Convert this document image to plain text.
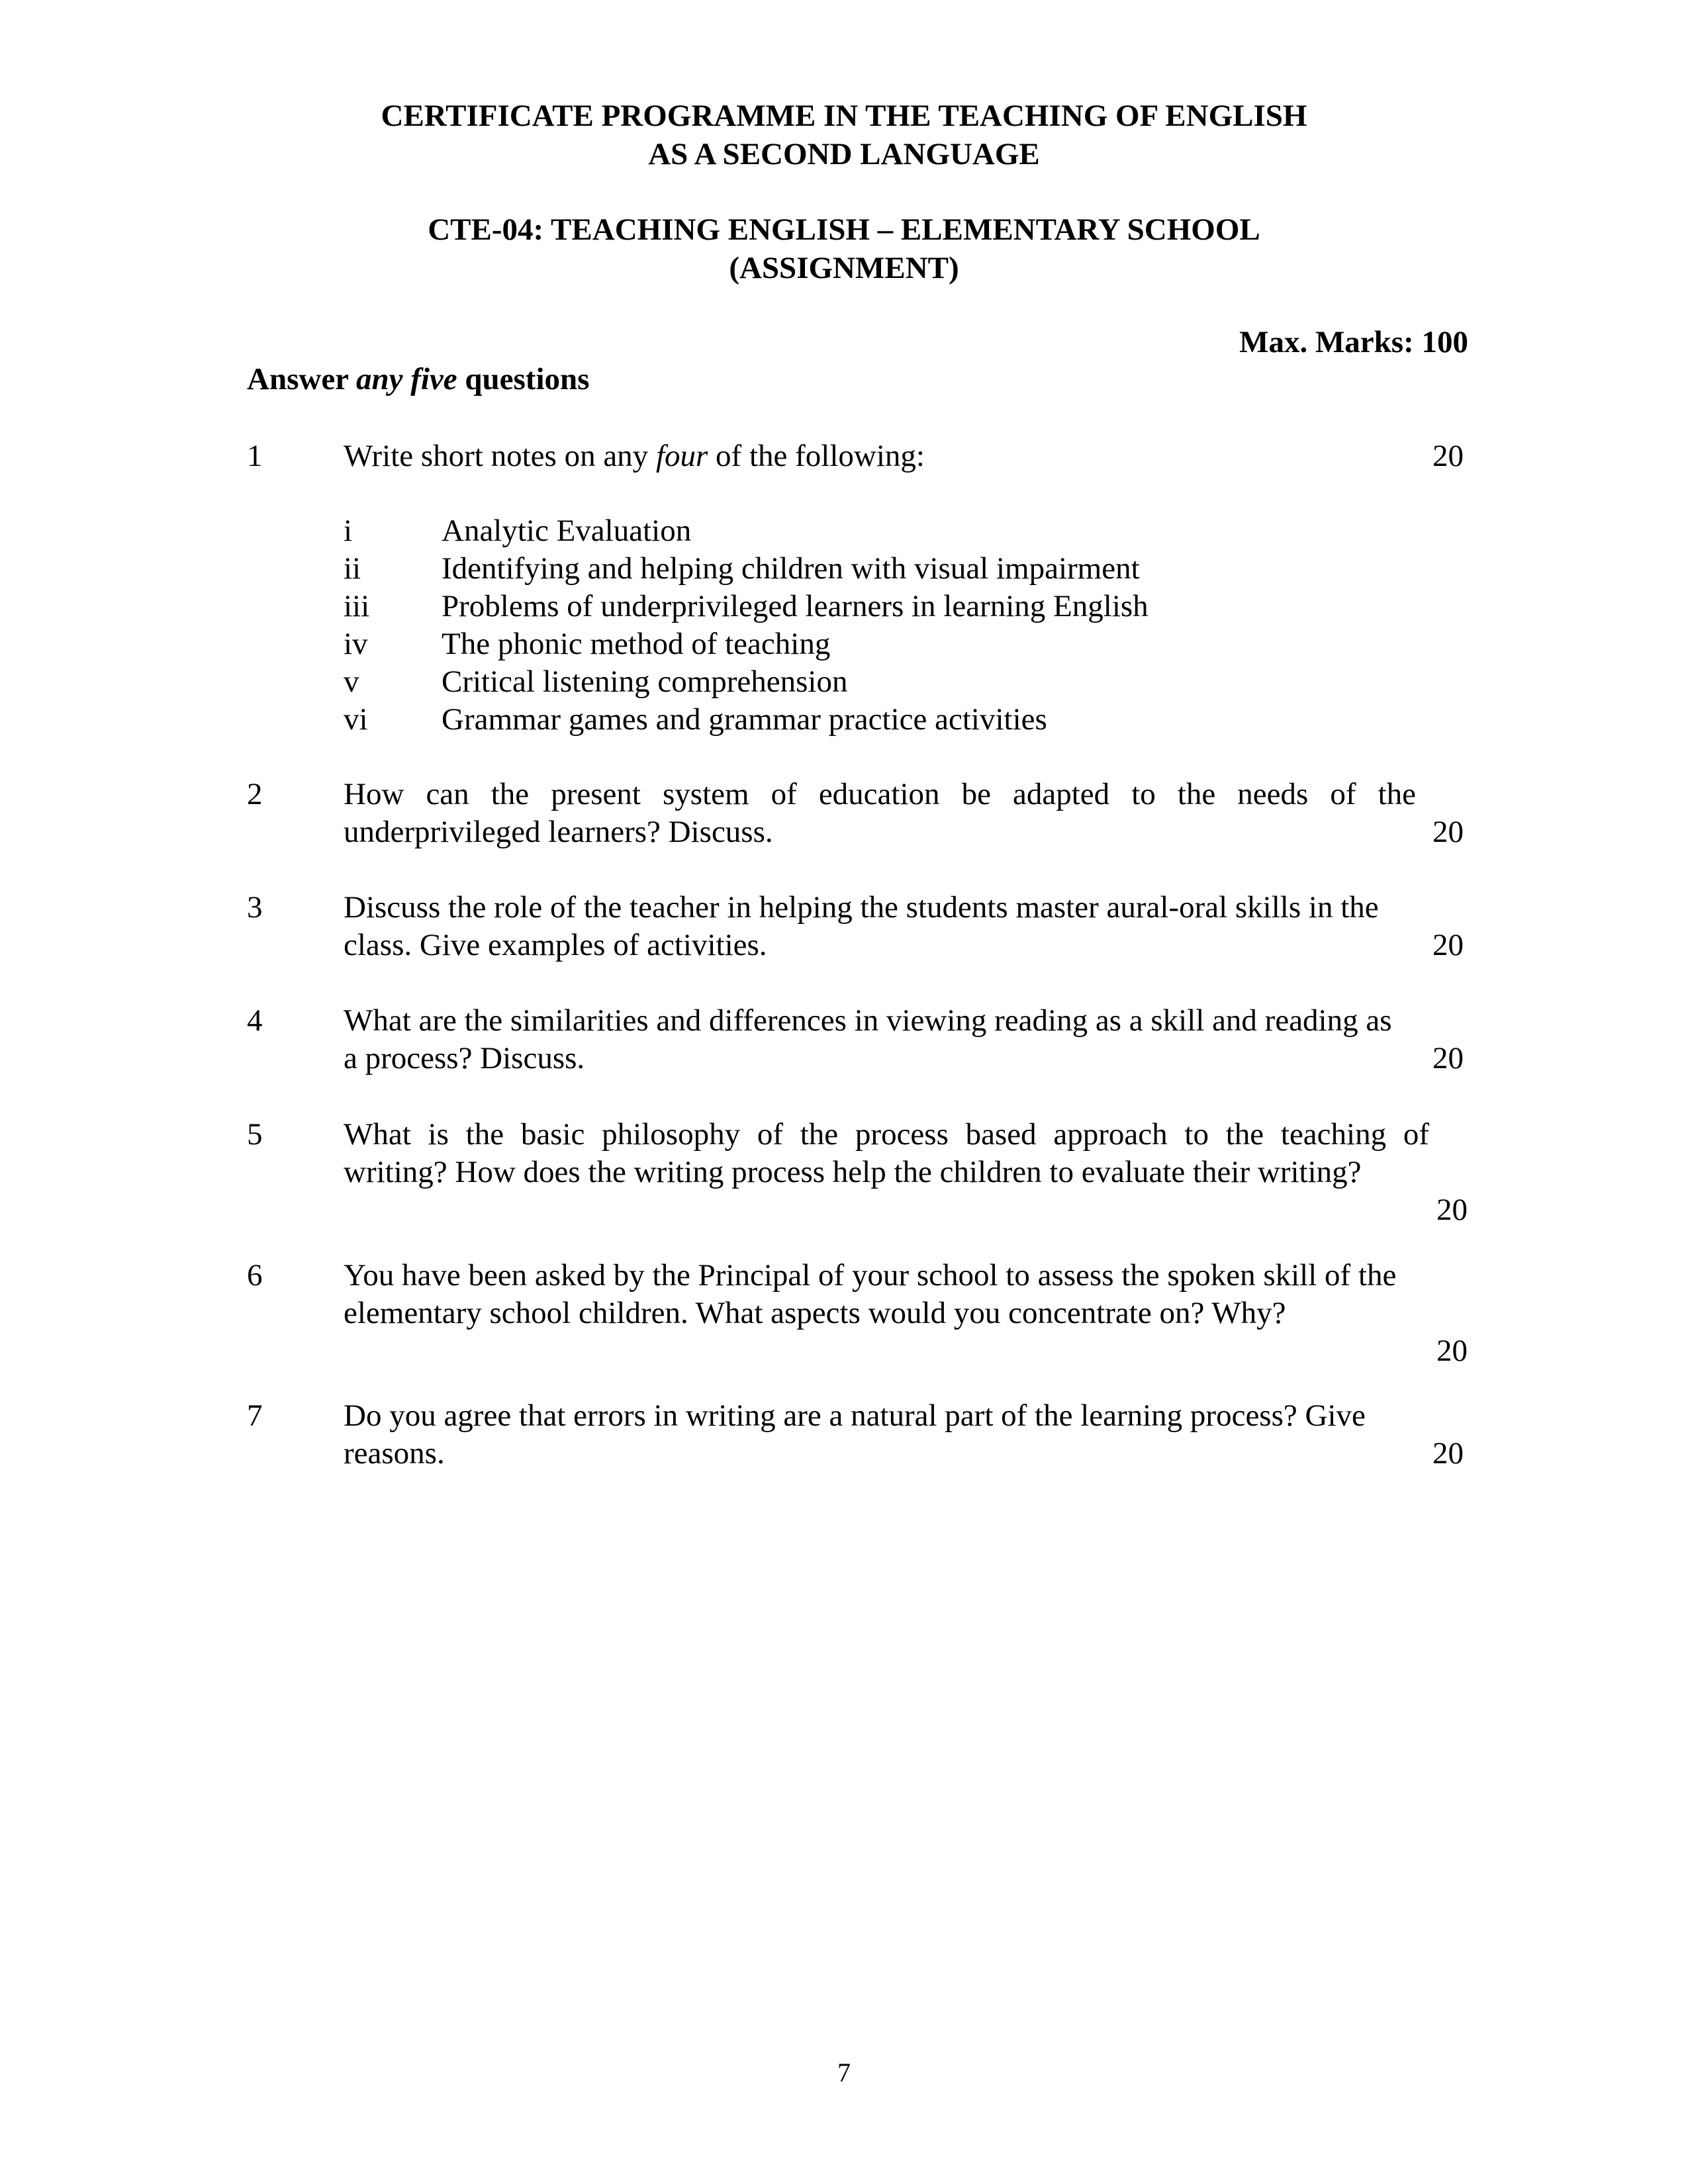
CERTIFICATE PROGRAMME IN THE TEACHING OF ENGLISH
AS A SECOND LANGUAGE
CTE-04: TEACHING ENGLISH – ELEMENTARY SCHOOL
(ASSIGNMENT)
Max. Marks: 100
Answer any five questions
1	Write short notes on any four of the following:	20
i	Analytic Evaluation
ii	Identifying and helping children with visual impairment
iii Problems of underprivileged learners in learning English
iv The phonic method of teaching
v	Critical listening comprehension
vi Grammar games and grammar practice activities
2	How can the present system of education be adapted to the needs of the
underprivileged learners? Discuss.	20
3	Discuss the role of the teacher in helping the students master aural-oral skills in the
class. Give examples of activities.	20
4	What are the similarities and differences in viewing reading as a skill and reading as
a process? Discuss.	20
5	What is the basic philosophy of the process based approach to the teaching of
writing? How does the writing process help the children to evaluate their writing?
20
6	You have been asked by the Principal of your school to assess the spoken skill of the
elementary school children. What aspects would you concentrate on? Why?
20
7	Do you agree that errors in writing are a natural part of the learning process? Give
reasons.	20
7
